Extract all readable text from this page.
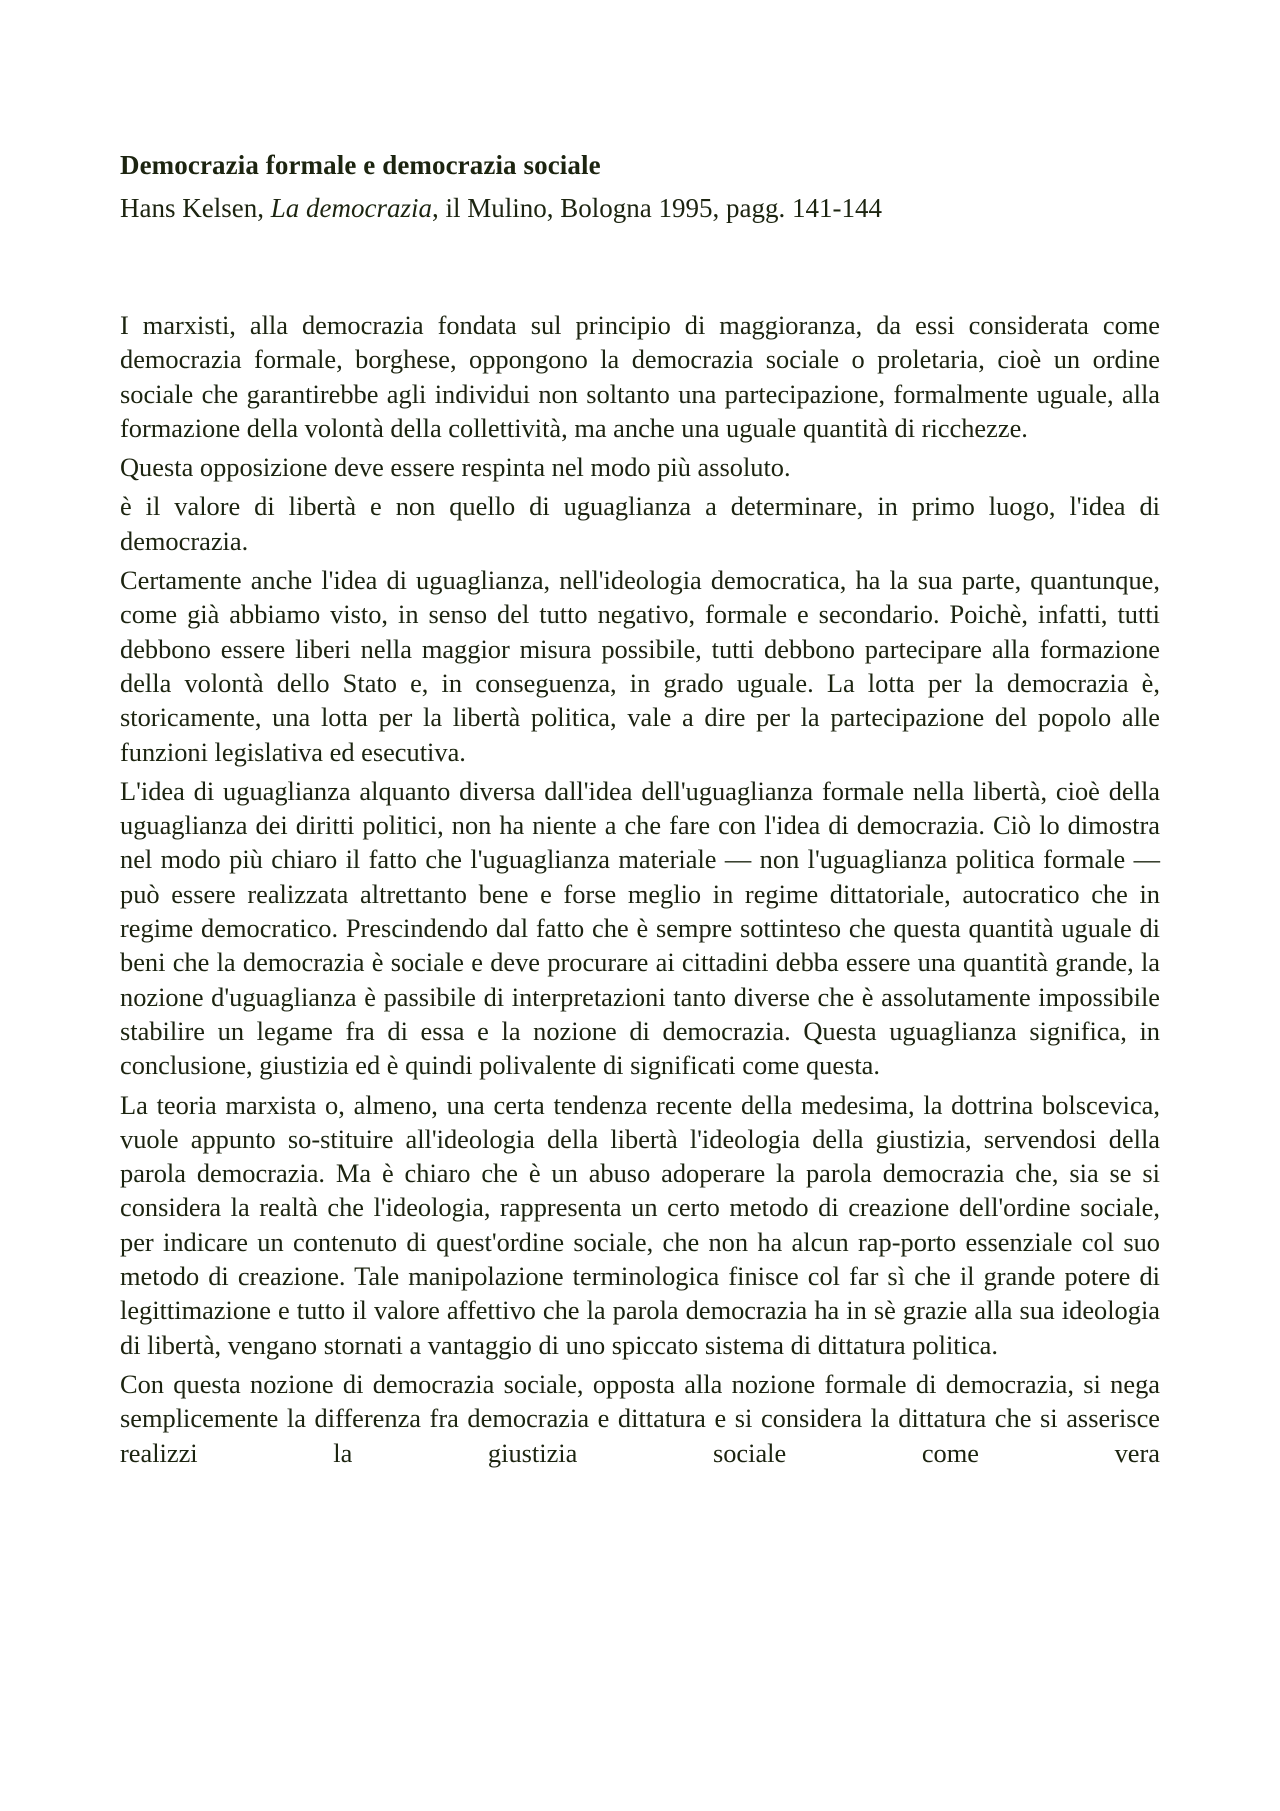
Democrazia formale e democrazia sociale
Hans Kelsen, La democrazia, il Mulino, Bologna 1995, pagg. 141-144

I marxisti, alla democrazia fondata sul principio di maggioranza, da essi considerata come democrazia formale, borghese, oppongono la democrazia sociale o proletaria, cioè un ordine sociale che garantirebbe agli individui non soltanto una partecipazione, formalmente uguale, alla formazione della volontà della collettività, ma anche una uguale quantità di ricchezze.

Questa opposizione deve essere respinta nel modo più assoluto.

è il valore di libertà e non quello di uguaglianza a determinare, in primo luogo, l'idea di democrazia.

Certamente anche l'idea di uguaglianza, nell'ideologia democratica, ha la sua parte, quantunque, come già abbiamo visto, in senso del tutto negativo, formale e secondario. Poichè, infatti, tutti debbono essere liberi nella maggior misura possibile, tutti debbono partecipare alla formazione della volontà dello Stato e, in conseguenza, in grado uguale. La lotta per la democrazia è, storicamente, una lotta per la libertà politica, vale a dire per la partecipazione del popolo alle funzioni legislativa ed esecutiva.

L'idea di uguaglianza alquanto diversa dall'idea dell'uguaglianza formale nella libertà, cioè della uguaglianza dei diritti politici, non ha niente a che fare con l'idea di democrazia. Ciò lo dimostra nel modo più chiaro il fatto che l'uguaglianza materiale — non l'uguaglianza politica formale — può essere realizzata altrettanto bene e forse meglio in regime dittatoriale, autocratico che in regime democratico. Prescindendo dal fatto che è sempre sottinteso che questa quantità uguale di beni che la democrazia è sociale e deve procurare ai cittadini debba essere una quantità grande, la nozione d'uguaglianza è passibile di interpretazioni tanto diverse che è assolutamente impossibile stabilire un legame fra di essa e la nozione di democrazia. Questa uguaglianza significa, in conclusione, giustizia ed è quindi polivalente di significati come questa.

La teoria marxista o, almeno, una certa tendenza recente della medesima, la dottrina bolscevica, vuole appunto so-stituire all'ideologia della libertà l'ideologia della giustizia, servendosi della parola democrazia. Ma è chiaro che è un abuso adoperare la parola democrazia che, sia se si considera la realtà che l'ideologia, rappresenta un certo metodo di creazione dell'ordine sociale, per indicare un contenuto di quest'ordine sociale, che non ha alcun rap-porto essenziale col suo metodo di creazione. Tale manipolazione terminologica finisce col far sì che il grande potere di legittimazione e tutto il valore affettivo che la parola democrazia ha in sè grazie alla sua ideologia di libertà, vengano stornati a vantaggio di uno spiccato sistema di dittatura politica.

Con questa nozione di democrazia sociale, opposta alla nozione formale di democrazia, si nega semplicemente la differenza fra democrazia e dittatura e si considera la dittatura che si asserisce realizzi la giustizia sociale come vera
